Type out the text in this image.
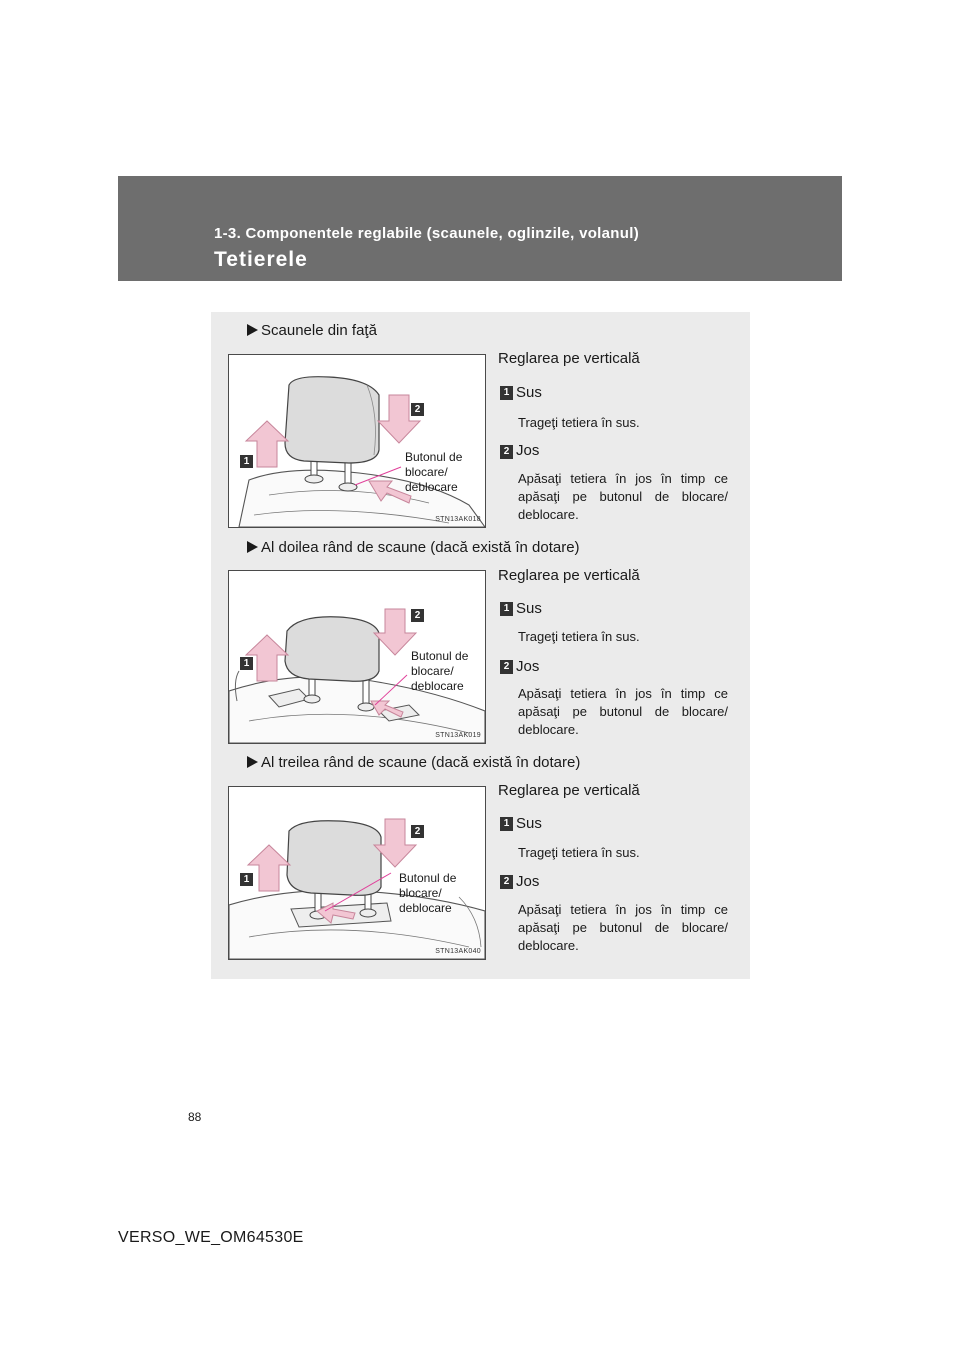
1-3. Componentele reglabile (scaunele, oglinzile, volanul)
Tetierele
Scaunele din faţă
1
2
Butonul de
blocare/
deblocare
STN13AK018
Reglarea pe verticală
1 Sus
Trageţi tetiera în sus.
2 Jos
Apăsaţi tetiera în jos în timp ce apăsaţi pe butonul de blocare/ deblocare.
Al doilea rând de scaune (dacă există în dotare)
1
2
Butonul de
blocare/
deblocare
STN13AK019
Reglarea pe verticală
1 Sus
Trageţi tetiera în sus.
2 Jos
Apăsaţi tetiera în jos în timp ce apăsaţi pe butonul de blocare/ deblocare.
Al treilea rând de scaune (dacă există în dotare)
1
2
Butonul de
blocare/
deblocare
STN13AK040
Reglarea pe verticală
1 Sus
Trageţi tetiera în sus.
2 Jos
Apăsaţi tetiera în jos în timp ce apăsaţi pe butonul de blocare/ deblocare.
88
VERSO_WE_OM64530E
